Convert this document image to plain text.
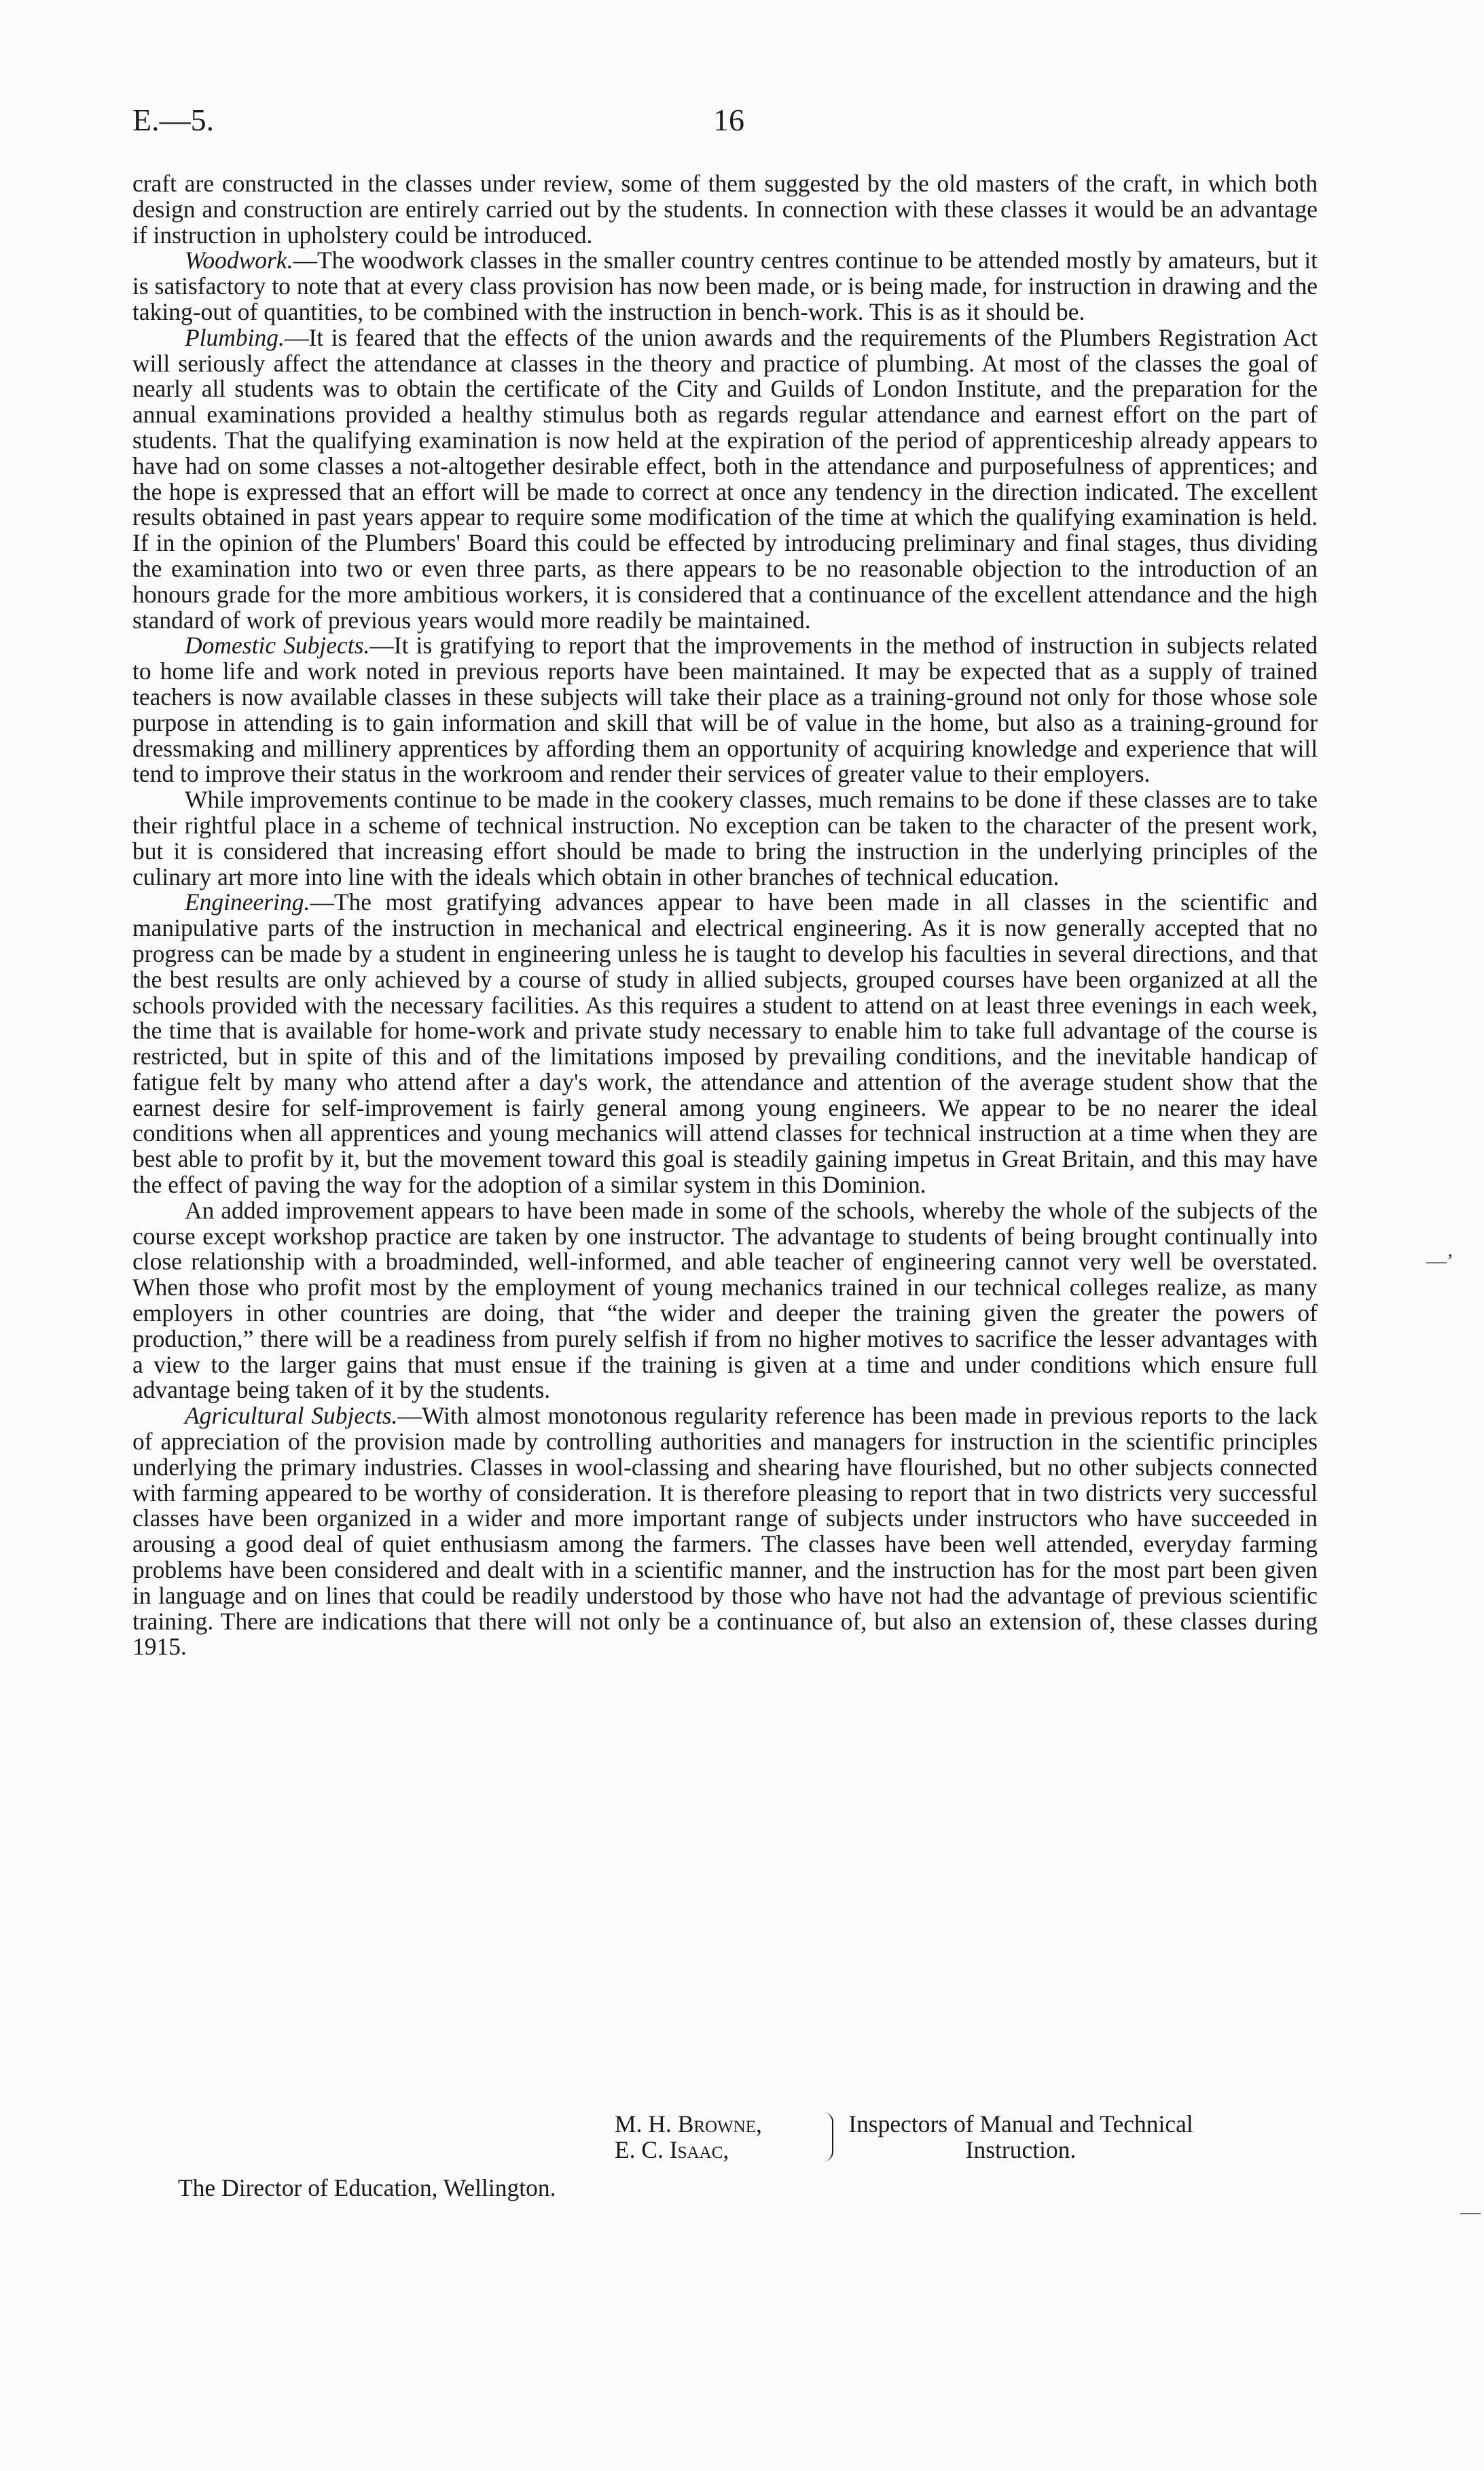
E.—5.	16

craft are constructed in the classes under review, some of them suggested by the old masters of the craft, in which both design and construction are entirely carried out by the students. In connection with these classes it would be an advantage if instruction in upholstery could be introduced.

Woodwork.—The woodwork classes in the smaller country centres continue to be attended mostly by amateurs, but it is satisfactory to note that at every class provision has now been made, or is being made, for instruction in drawing and the taking-out of quantities, to be combined with the instruction in bench-work. This is as it should be.

Plumbing.—It is feared that the effects of the union awards and the requirements of the Plumbers Registration Act will seriously affect the attendance at classes in the theory and practice of plumbing. At most of the classes the goal of nearly all students was to obtain the certificate of the City and Guilds of London Institute, and the preparation for the annual examinations provided a healthy stimulus both as regards regular attendance and earnest effort on the part of students. That the qualifying examination is now held at the expiration of the period of apprenticeship already appears to have had on some classes a not-altogether desirable effect, both in the attendance and purposefulness of apprentices; and the hope is expressed that an effort will be made to correct at once any tendency in the direction indicated. The excellent results obtained in past years appear to require some modification of the time at which the qualifying examination is held. If in the opinion of the Plumbers' Board this could be effected by introducing preliminary and final stages, thus dividing the examination into two or even three parts, as there appears to be no reasonable objection to the introduction of an honours grade for the more ambitious workers, it is considered that a continuance of the excellent attendance and the high standard of work of previous years would more readily be maintained.

Domestic Subjects.—It is gratifying to report that the improvements in the method of instruction in subjects related to home life and work noted in previous reports have been maintained. It may be expected that as a supply of trained teachers is now available classes in these subjects will take their place as a training-ground not only for those whose sole purpose in attending is to gain information and skill that will be of value in the home, but also as a training-ground for dressmaking and millinery apprentices by affording them an opportunity of acquiring knowledge and experience that will tend to improve their status in the workroom and render their services of greater value to their employers.

While improvements continue to be made in the cookery classes, much remains to be done if these classes are to take their rightful place in a scheme of technical instruction. No exception can be taken to the character of the present work, but it is considered that increasing effort should be made to bring the instruction in the underlying principles of the culinary art more into line with the ideals which obtain in other branches of technical education.

Engineering.—The most gratifying advances appear to have been made in all classes in the scientific and manipulative parts of the instruction in mechanical and electrical engineering. As it is now generally accepted that no progress can be made by a student in engineering unless he is taught to develop his faculties in several directions, and that the best results are only achieved by a course of study in allied subjects, grouped courses have been organized at all the schools provided with the necessary facilities. As this requires a student to attend on at least three evenings in each week, the time that is available for home-work and private study necessary to enable him to take full advantage of the course is restricted, but in spite of this and of the limitations imposed by prevailing conditions, and the inevitable handicap of fatigue felt by many who attend after a day's work, the attendance and attention of the average student show that the earnest desire for self-improvement is fairly general among young engineers. We appear to be no nearer the ideal conditions when all apprentices and young mechanics will attend classes for technical instruction at a time when they are best able to profit by it, but the movement toward this goal is steadily gaining impetus in Great Britain, and this may have the effect of paving the way for the adoption of a similar system in this Dominion.

An added improvement appears to have been made in some of the schools, whereby the whole of the subjects of the course except workshop practice are taken by one instructor. The advantage to students of being brought continually into close relationship with a broadminded, well-informed, and able teacher of engineering cannot very well be overstated. When those who profit most by the employment of young mechanics trained in our technical colleges realize, as many employers in other countries are doing, that “the wider and deeper the training given the greater the powers of production,” there will be a readiness from purely selfish if from no higher motives to sacrifice the lesser advantages with a view to the larger gains that must ensue if the training is given at a time and under conditions which ensure full advantage being taken of it by the students.

Agricultural Subjects.—With almost monotonous regularity reference has been made in previous reports to the lack of appreciation of the provision made by controlling authorities and managers for instruction in the scientific principles underlying the primary industries. Classes in wool-classing and shearing have flourished, but no other subjects connected with farming appeared to be worthy of consideration. It is therefore pleasing to report that in two districts very successful classes have been organized in a wider and more important range of subjects under instructors who have succeeded in arousing a good deal of quiet enthusiasm among the farmers. The classes have been well attended, everyday farming problems have been considered and dealt with in a scientific manner, and the instruction has for the most part been given in language and on lines that could be readily understood by those who have not had the advantage of previous scientific training. There are indications that there will not only be a continuance of, but also an extension of, these classes during 1915.

M. H. Browne,
E. C. Isaac,
Inspectors of Manual and Technical
Instruction.
The Director of Education, Wellington.
—’
—
